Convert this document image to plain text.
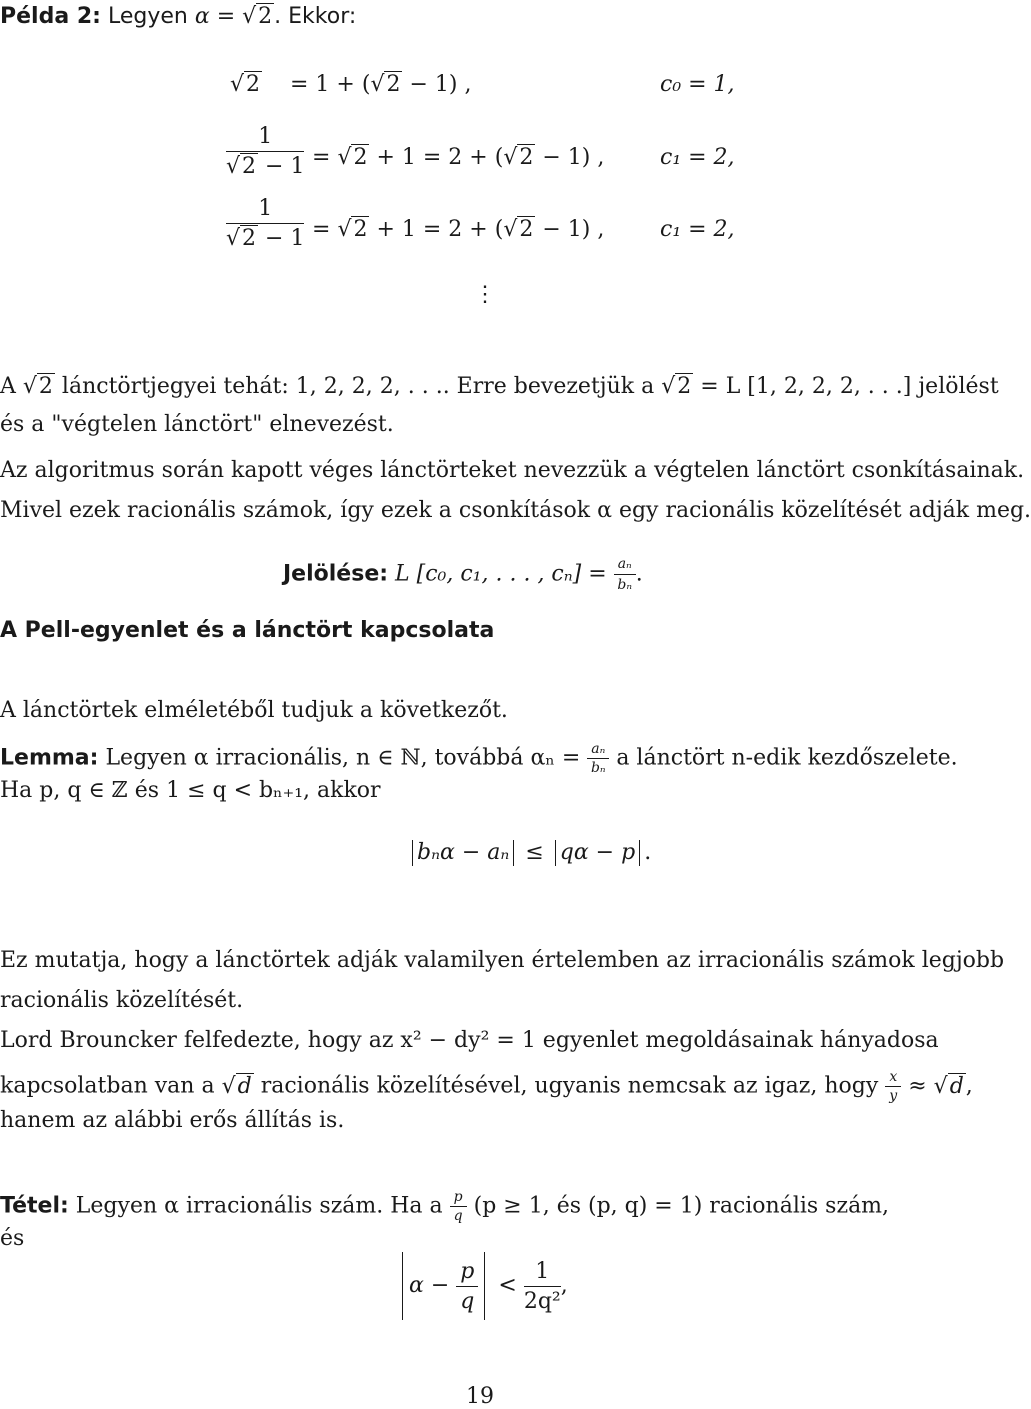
Példa 2: Legyen α = √2. Ekkor:
√2 = 1 + (√2 − 1) ,	c₀ = 1,
$\frac{1}{√2 - 1} = √2 + 1 = 2 + (√2 - 1)$ ,	c₁ = 2,
$\frac{1}{√2 - 1} = √2 + 1 = 2 + (√2 - 1)$ ,	c₁ = 2,
⋮
A √2 lánctörtjegyei tehát: 1, 2, 2, 2, . . .. Erre bevezetjük a √2 = L [1, 2, 2, 2, . . .] jelölést
és a "végtelen lánctört" elnevezést.
Az algoritmus során kapott véges lánctörteket nevezzük a végtelen lánctört csonkításainak.
Mivel ezek racionális számok, így ezek a csonkítások α egy racionális közelítését adják meg.
Jelölése: L [c₀, c₁, . . . , $c_n] = \frac{\text{aₙ}}{\text{bₙ}}$ .
A Pell-egyenlet és a lánctört kapcsolata
A lánctörtek elméletéből tudjuk a következőt.
Lemma: Legyen α irracionális, n ∈ ℕ, továbbá $\alpha_n = \frac{\text{aₙ}}{\text{bₙ}}$ a lánctört n-edik kezdőszelete.
Ha p, q ∈ ℤ és 1 ≤ q < bₙ₊₁, akkor
bₙα − aₙ ≤ qα − p .
Ez mutatja, hogy a lánctörtek adják valamilyen értelemben az irracionális számok legjobb
racionális közelítését.
Lord Brouncker felfedezte, hogy az x² − dy² = 1 egyenlet megoldásainak hányadosa
kapcsolatban van a √d racionális közelítésével, ugyanis nemcsak az igaz, hogy $\frac{x}{y} \approx √d$,
hanem az alábbi erős állítás is.
Tétel: Legyen α irracionális szám. Ha a $\frac{p}{q} (p \ge 1$, és (p, q) = 1) racionális szám,
és
$\alpha - \frac{p}{q} < \frac{1}{\text{2q²}}$ ,
19
